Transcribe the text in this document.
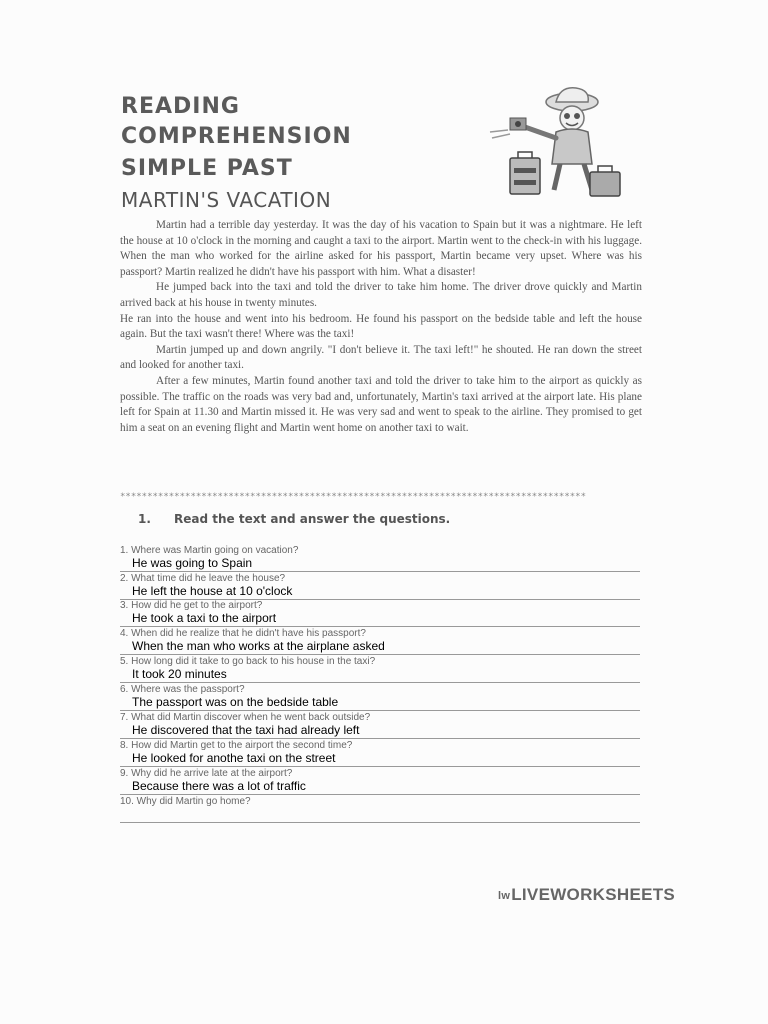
READING
COMPREHENSION
SIMPLE PAST
MARTIN'S VACATION

Martin had a terrible day yesterday. It was the day of his vacation to Spain but it was a nightmare. He left the house at 10 o'clock in the morning and caught a taxi to the airport. Martin went to the check-in with his luggage. When the man who worked for the airline asked for his passport, Martin became very upset. Where was his passport? Martin realized he didn't have his passport with him. What a disaster!

He jumped back into the taxi and told the driver to take him home. The driver drove quickly and Martin arrived back at his house in twenty minutes.

He ran into the house and went into his bedroom. He found his passport on the bedside table and left the house again. But the taxi wasn't there! Where was the taxi!

Martin jumped up and down angrily. "I don't believe it. The taxi left!" he shouted. He ran down the street and looked for another taxi.

After a few minutes, Martin found another taxi and told the driver to take him to the airport as quickly as possible. The traffic on the roads was very bad and, unfortunately, Martin's taxi arrived at the airport late. His plane left for Spain at 11.30 and Martin missed it. He was very sad and went to speak to the airline. They promised to get him a seat on an evening flight and Martin went home on another taxi to wait.

**************************************************************************************
1. Read the text and answer the questions.
1. Where was Martin going on vacation?
He was going to Spain
2. What time did he leave the house?
He left the house at 10 o'clock
3. How did he get to the airport?
He took a taxi to the airport
4. When did he realize that he didn't have his passport?
When the man who works at the airplane asked
5. How long did it take to go back to his house in the taxi?
It took 20 minutes
6. Where was the passport?
The passport was on the bedside table
7. What did Martin discover when he went back outside?
He discovered that the taxi had already left
8. How did Martin get to the airport the second time?
He looked for anothe taxi on the street
9. Why did he arrive late at the airport?
Because there was a lot of traffic
10. Why did Martin go home?
lwLIVEWORKSHEETS
